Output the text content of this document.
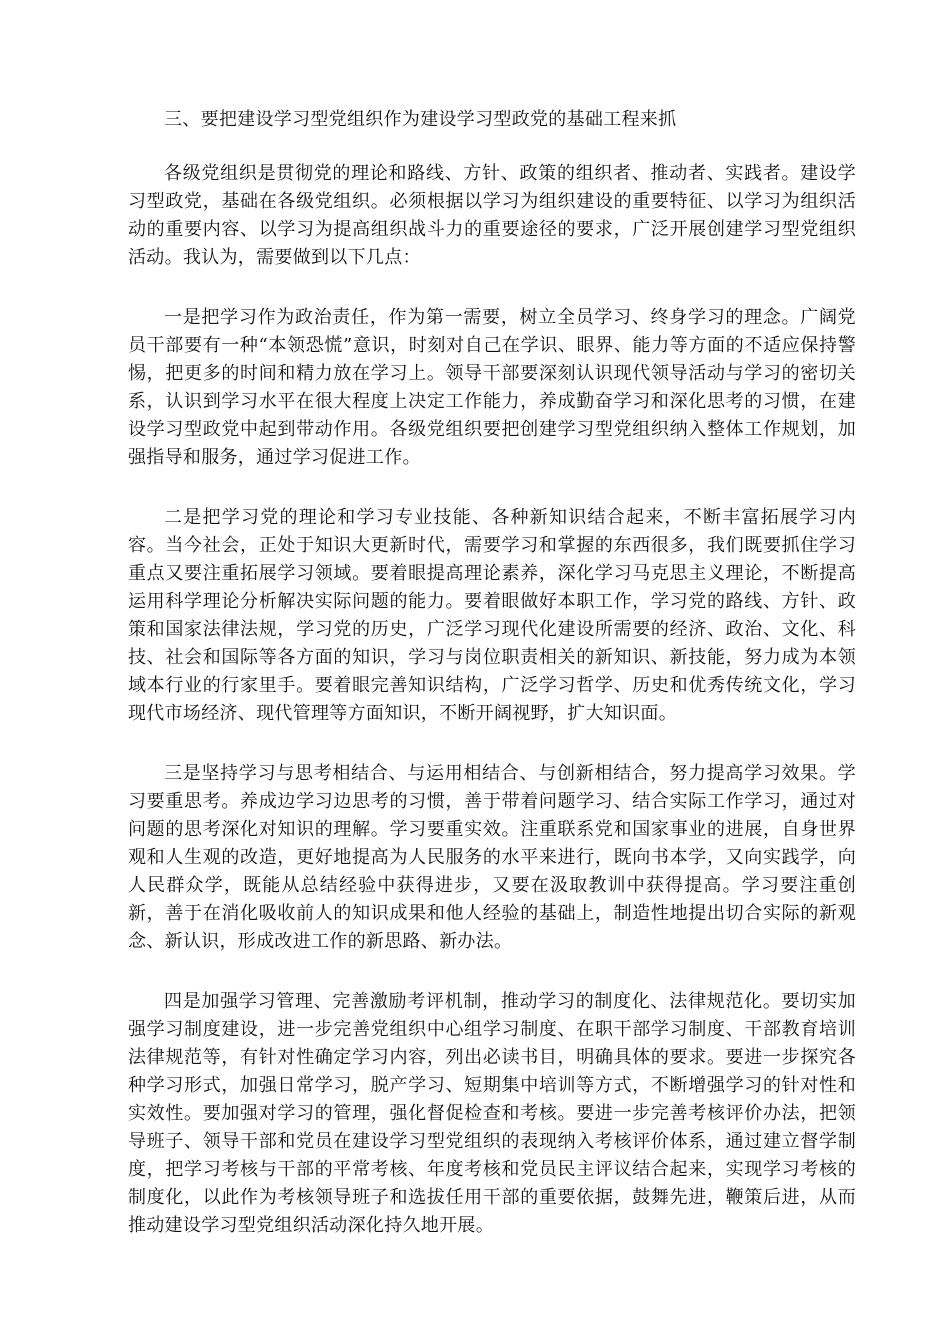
三、要把建设学习型党组织作为建设学习型政党的基础工程来抓

各级党组织是贯彻党的理论和路线、方针、政策的组织者、推动者、实践者。建设学习型政党，基础在各级党组织。必须根据以学习为组织建设的重要特征、以学习为组织活动的重要内容、以学习为提高组织战斗力的重要途径的要求，广泛开展创建学习型党组织活动。我认为，需要做到以下几点：

一是把学习作为政治责任，作为第一需要，树立全员学习、终身学习的理念。广阔党员干部要有一种“本领恐慌”意识，时刻对自己在学识、眼界、能力等方面的不适应保持警惕，把更多的时间和精力放在学习上。领导干部要深刻认识现代领导活动与学习的密切关系，认识到学习水平在很大程度上决定工作能力，养成勤奋学习和深化思考的习惯，在建设学习型政党中起到带动作用。各级党组织要把创建学习型党组织纳入整体工作规划，加强指导和服务，通过学习促进工作。

二是把学习党的理论和学习专业技能、各种新知识结合起来，不断丰富拓展学习内容。当今社会，正处于知识大更新时代，需要学习和掌握的东西很多，我们既要抓住学习重点又要注重拓展学习领域。要着眼提高理论素养，深化学习马克思主义理论，不断提高运用科学理论分析解决实际问题的能力。要着眼做好本职工作，学习党的路线、方针、政策和国家法律法规，学习党的历史，广泛学习现代化建设所需要的经济、政治、文化、科技、社会和国际等各方面的知识，学习与岗位职责相关的新知识、新技能，努力成为本领域本行业的行家里手。要着眼完善知识结构，广泛学习哲学、历史和优秀传统文化，学习现代市场经济、现代管理等方面知识，不断开阔视野，扩大知识面。

三是坚持学习与思考相结合、与运用相结合、与创新相结合，努力提高学习效果。学习要重思考。养成边学习边思考的习惯，善于带着问题学习、结合实际工作学习，通过对问题的思考深化对知识的理解。学习要重实效。注重联系党和国家事业的进展，自身世界观和人生观的改造，更好地提高为人民服务的水平来进行，既向书本学，又向实践学，向人民群众学，既能从总结经验中获得进步，又要在汲取教训中获得提高。学习要注重创新，善于在消化吸收前人的知识成果和他人经验的基础上，制造性地提出切合实际的新观念、新认识，形成改进工作的新思路、新办法。

四是加强学习管理、完善激励考评机制，推动学习的制度化、法律规范化。要切实加强学习制度建设，进一步完善党组织中心组学习制度、在职干部学习制度、干部教育培训法律规范等，有针对性确定学习内容，列出必读书目，明确具体的要求。要进一步探究各种学习形式，加强日常学习，脱产学习、短期集中培训等方式，不断增强学习的针对性和实效性。要加强对学习的管理，强化督促检查和考核。要进一步完善考核评价办法，把领导班子、领导干部和党员在建设学习型党组织的表现纳入考核评价体系，通过建立督学制度，把学习考核与干部的平常考核、年度考核和党员民主评议结合起来，实现学习考核的制度化，以此作为考核领导班子和选拔任用干部的重要依据，鼓舞先进，鞭策后进，从而推动建设学习型党组织活动深化持久地开展。
